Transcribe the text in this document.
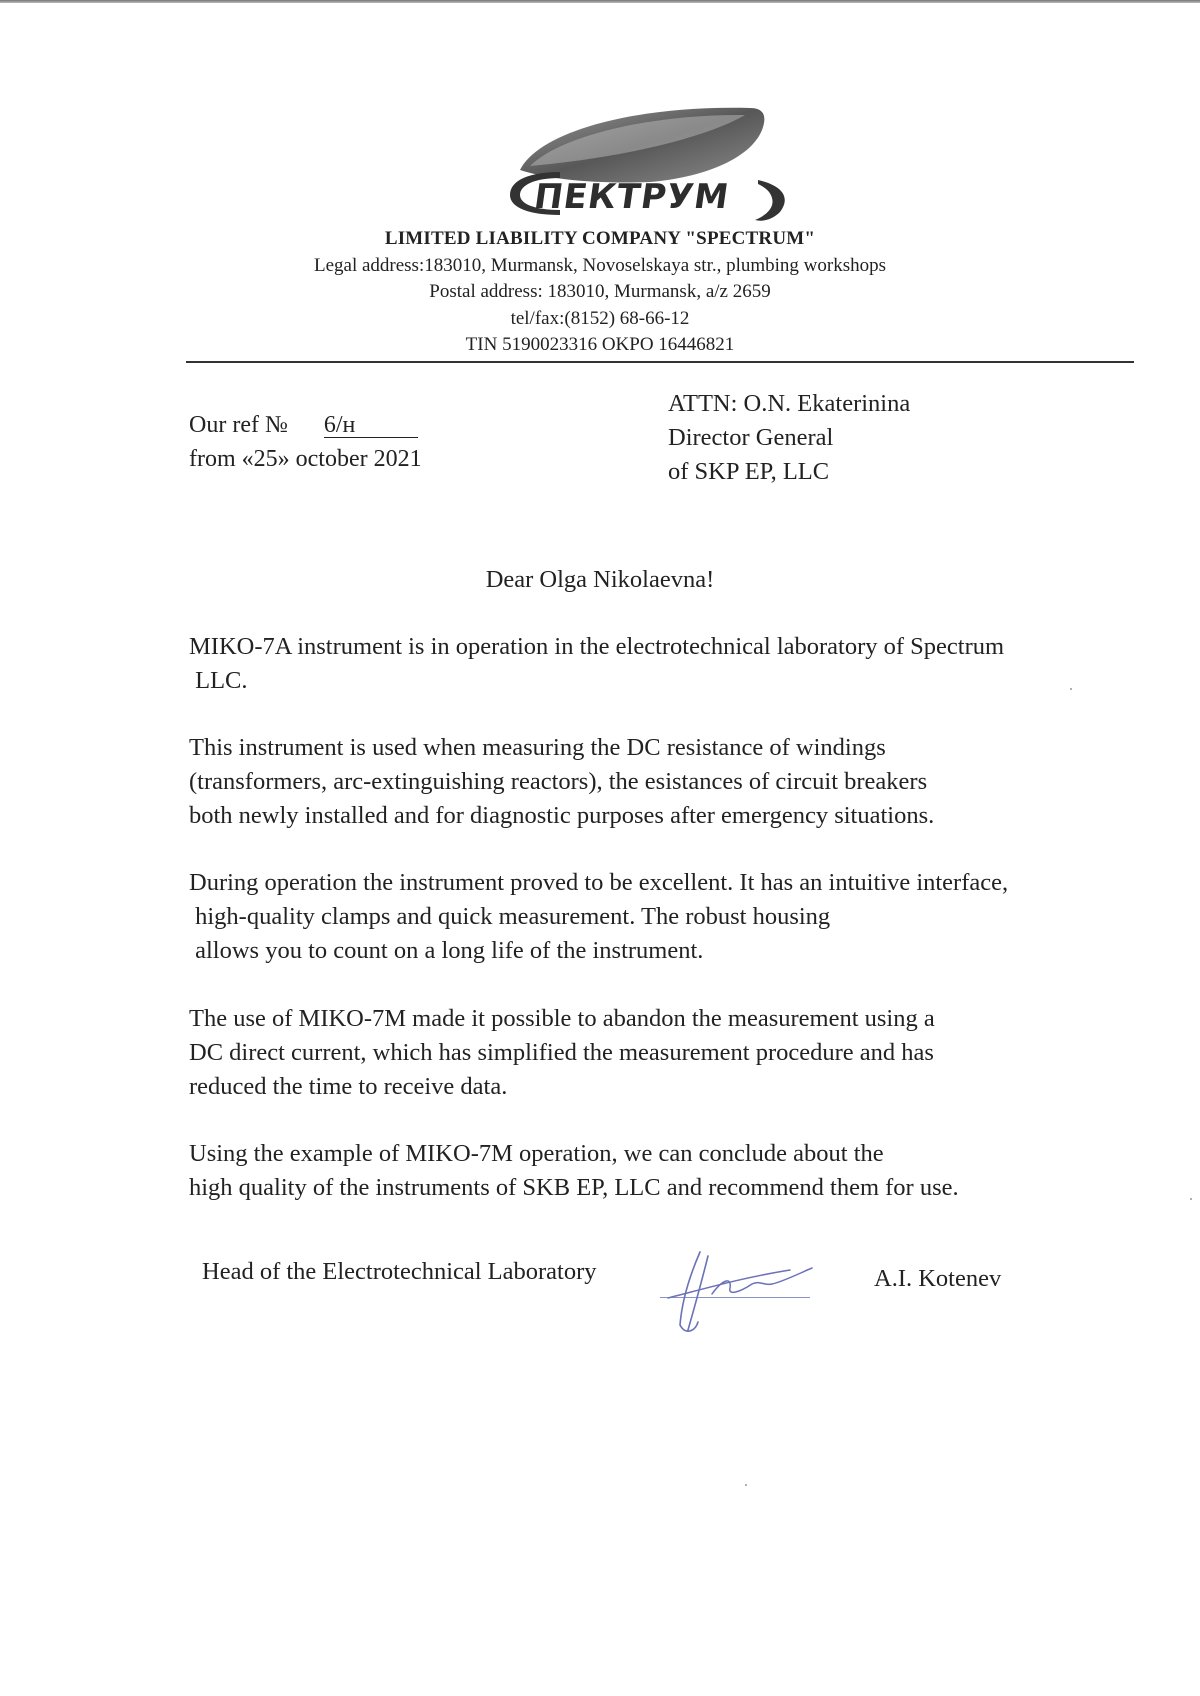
ПЕКТРУМ
LIMITED LIABILITY COMPANY "SPECTRUM"
Legal address:183010, Murmansk, Novoselskaya str., plumbing workshops
Postal address: 183010, Murmansk, a/z 2659
tel/fax:(8152) 68-66-12
TIN 5190023316 OKPO 16446821
Our ref № 6/н
from «25» october 2021
ATTN: O.N. Ekaterinina
Director General
of SKP EP, LLC
Dear Olga Nikolaevna!
MIKO-7A instrument is in operation in the electrotechnical laboratory of Spectrum
LLC.
This instrument is used when measuring the DC resistance of windings
(transformers, arc-extinguishing reactors), the esistances of circuit breakers
both newly installed and for diagnostic purposes after emergency situations.
During operation the instrument proved to be excellent. It has an intuitive interface,
high-quality clamps and quick measurement. The robust housing
allows you to count on a long life of the instrument.
The use of MIKO-7M made it possible to abandon the measurement using a
DC direct current, which has simplified the measurement procedure and has
reduced the time to receive data.
Using the example of MIKO-7M operation, we can conclude about the
high quality of the instruments of SKB EP, LLC and recommend them for use.
Head of the Electrotechnical Laboratory	A.I. Kotenev
